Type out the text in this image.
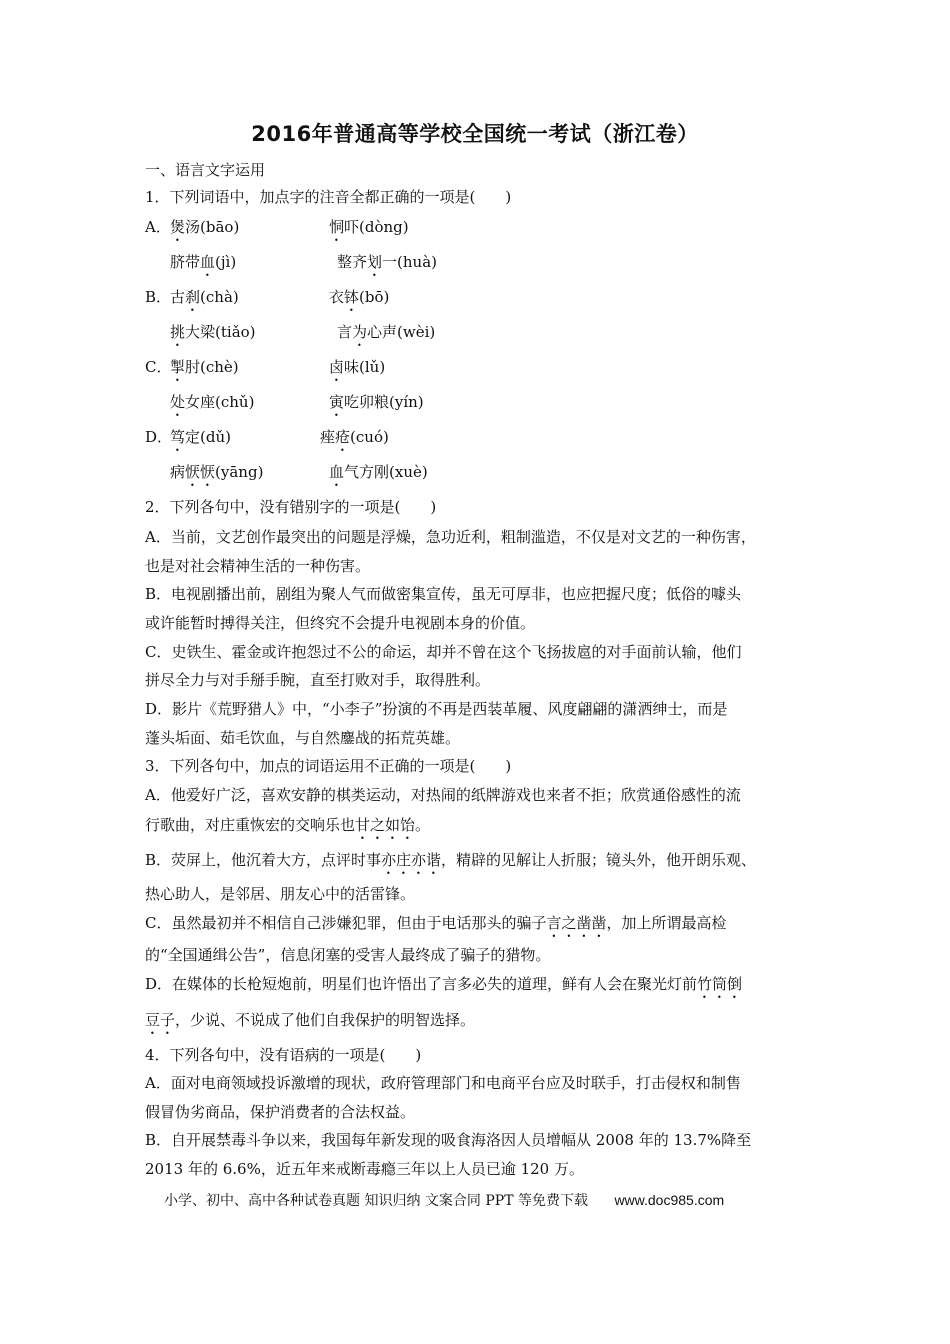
2016年普通高等学校全国统一考试（浙江卷）
一、语言文字运用
1．下列词语中，加点字的注音全都正确的一项是(　　)
A． 煲汤(bāo)	恫吓(dòng)
脐带血(jì)	整齐划一(huà)
B．
古刹(chà)	衣钵(bō)
挑大梁(tiǎo)	言为心声(wèi)
C．
掣肘(chè)	卤味(lǔ)
处女座(chǔ)	寅吃卯粮(yín)
D．
笃定(dǔ)	痤疮(cuó)
病恹恹(yāng)	血气方刚(xuè)
2．下列各句中，没有错别字的一项是(　　)
A．当前，文艺创作最突出的问题是浮燥，急功近利，粗制滥造，不仅是对文艺的一种伤害，
也是对社会精神生活的一种伤害。
B．电视剧播出前，剧组为聚人气而做密集宣传，虽无可厚非，也应把握尺度；低俗的噱头
或许能暂时搏得关注，但终究不会提升电视剧本身的价值。
C．史铁生、霍金或许抱怨过不公的命运，却并不曾在这个飞扬拔扈的对手面前认输，他们
拼尽全力与对手掰手腕，直至打败对手，取得胜利。
D．影片《荒野猎人》中，“小李子”扮演的不再是西装革履、风度翩翩的潇洒绅士，而是
蓬头垢面、茹毛饮血，与自然鏖战的拓荒英雄。
3．下列各句中，加点的词语运用不正确的一项是(　　)
A．他爱好广泛，喜欢安静的棋类运动，对热闹的纸牌游戏也来者不拒；欣赏通俗感性的流
行歌曲，对庄重恢宏的交响乐也甘之如饴。
B．荧屏上，他沉着大方，点评时事亦庄亦谐，精辟的见解让人折服；镜头外，他开朗乐观、
热心助人，是邻居、朋友心中的活雷锋。
C．虽然最初并不相信自己涉嫌犯罪，但由于电话那头的骗子言之凿凿，加上所谓最高检
的“全国通缉公告”，信息闭塞的受害人最终成了骗子的猎物。
D．在媒体的长枪短炮前，明星们也许悟出了言多必失的道理，鲜有人会在聚光灯前竹筒倒
豆子，少说、不说成了他们自我保护的明智选择。
4．下列各句中，没有语病的一项是(　　)
A．面对电商领域投诉激增的现状，政府管理部门和电商平台应及时联手，打击侵权和制售
假冒伪劣商品，保护消费者的合法权益。
B．自开展禁毒斗争以来，我国每年新发现的吸食海洛因人员增幅从 2008 年的 13.7%降至
2013 年的 6.6%，近五年来戒断毒瘾三年以上人员已逾 120 万。
小学、初中、高中各种试卷真题 知识归纳 文案合同 PPT 等免费下载 www.doc985.com
